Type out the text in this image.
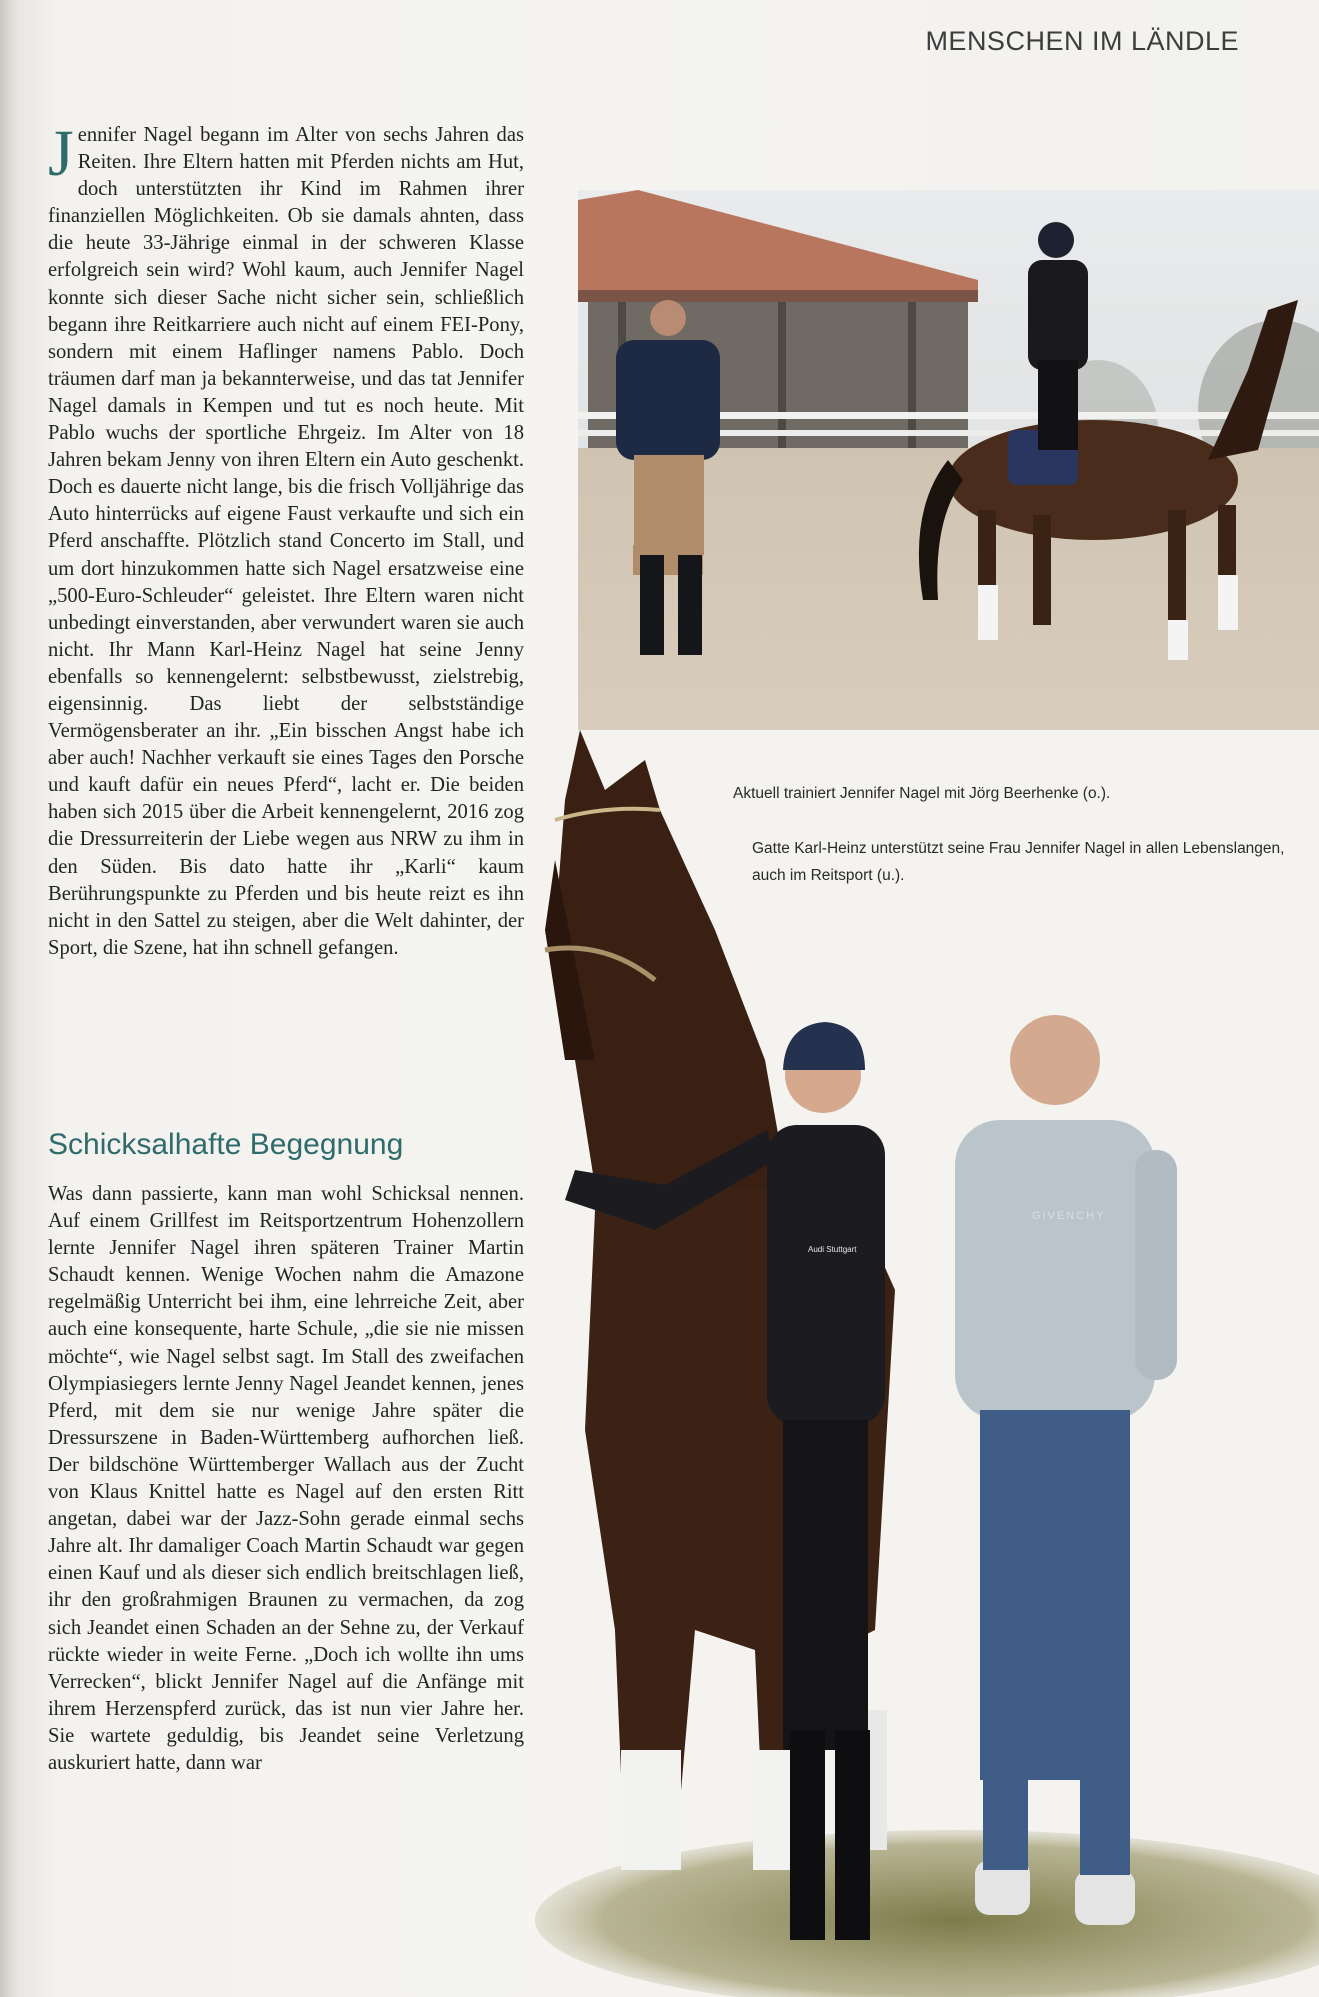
MENSCHEN IM LÄNDLE

Jennifer Nagel begann im Alter von sechs Jahren das Reiten. Ihre Eltern hatten mit Pferden nichts am Hut, doch unterstützten ihr Kind im Rahmen ihrer finanziellen Möglichkeiten. Ob sie damals ahnten, dass die heute 33-Jährige einmal in der schweren Klasse erfolgreich sein wird? Wohl kaum, auch Jennifer Nagel konnte sich dieser Sache nicht sicher sein, schließlich begann ihre Reitkarriere auch nicht auf einem FEI-Pony, sondern mit einem Haflinger namens Pablo. Doch träumen darf man ja bekannterweise, und das tat Jennifer Nagel damals in Kempen und tut es noch heute. Mit Pablo wuchs der sportliche Ehrgeiz. Im Alter von 18 Jahren bekam Jenny von ihren Eltern ein Auto geschenkt. Doch es dauerte nicht lange, bis die frisch Volljährige das Auto hinterrücks auf eigene Faust verkaufte und sich ein Pferd anschaffte. Plötzlich stand Concerto im Stall, und um dort hinzukommen hatte sich Nagel ersatzweise eine „500-Euro-Schleuder“ geleistet. Ihre Eltern waren nicht unbedingt einverstanden, aber verwundert waren sie auch nicht. Ihr Mann Karl-Heinz Nagel hat seine Jenny ebenfalls so kennengelernt: selbstbewusst, zielstrebig, eigensinnig. Das liebt der selbstständige Vermögensberater an ihr. „Ein bisschen Angst habe ich aber auch! Nachher verkauft sie eines Tages den Porsche und kauft dafür ein neues Pferd“, lacht er. Die beiden haben sich 2015 über die Arbeit kennengelernt, 2016 zog die Dressurreiterin der Liebe wegen aus NRW zu ihm in den Süden. Bis dato hatte ihr „Karli“ kaum Berührungspunkte zu Pferden und bis heute reizt es ihn nicht in den Sattel zu steigen, aber die Welt dahinter, der Sport, die Szene, hat ihn schnell gefangen.

Schicksalhafte Begegnung

Was dann passierte, kann man wohl Schicksal nennen. Auf einem Grillfest im Reitsportzentrum Hohenzollern lernte Jennifer Nagel ihren späteren Trainer Martin Schaudt kennen. Wenige Wochen nahm die Amazone regelmäßig Unterricht bei ihm, eine lehrreiche Zeit, aber auch eine konsequente, harte Schule, „die sie nie missen möchte“, wie Nagel selbst sagt. Im Stall des zweifachen Olympiasiegers lernte Jenny Nagel Jeandet kennen, jenes Pferd, mit dem sie nur wenige Jahre später die Dressurszene in Baden-Württemberg aufhorchen ließ. Der bildschöne Württemberger Wallach aus der Zucht von Klaus Knittel hatte es Nagel auf den ersten Ritt angetan, dabei war der Jazz-Sohn gerade einmal sechs Jahre alt. Ihr damaliger Coach Martin Schaudt war gegen einen Kauf und als dieser sich endlich breitschlagen ließ, ihr den großrahmigen Braunen zu vermachen, da zog sich Jeandet einen Schaden an der Sehne zu, der Verkauf rückte wieder in weite Ferne. „Doch ich wollte ihn ums Verrecken“, blickt Jennifer Nagel auf die Anfänge mit ihrem Herzenspferd zurück, das ist nun vier Jahre her. Sie wartete geduldig, bis Jeandet seine Verletzung auskuriert hatte, dann war

Aktuell trainiert Jennifer Nagel mit Jörg Beerhenke (o.).
Gatte Karl-Heinz unterstützt seine Frau Jennifer Nagel in allen Lebenslangen, auch im Reitsport (u.).
Audi Stuttgart
GIVENCHY
